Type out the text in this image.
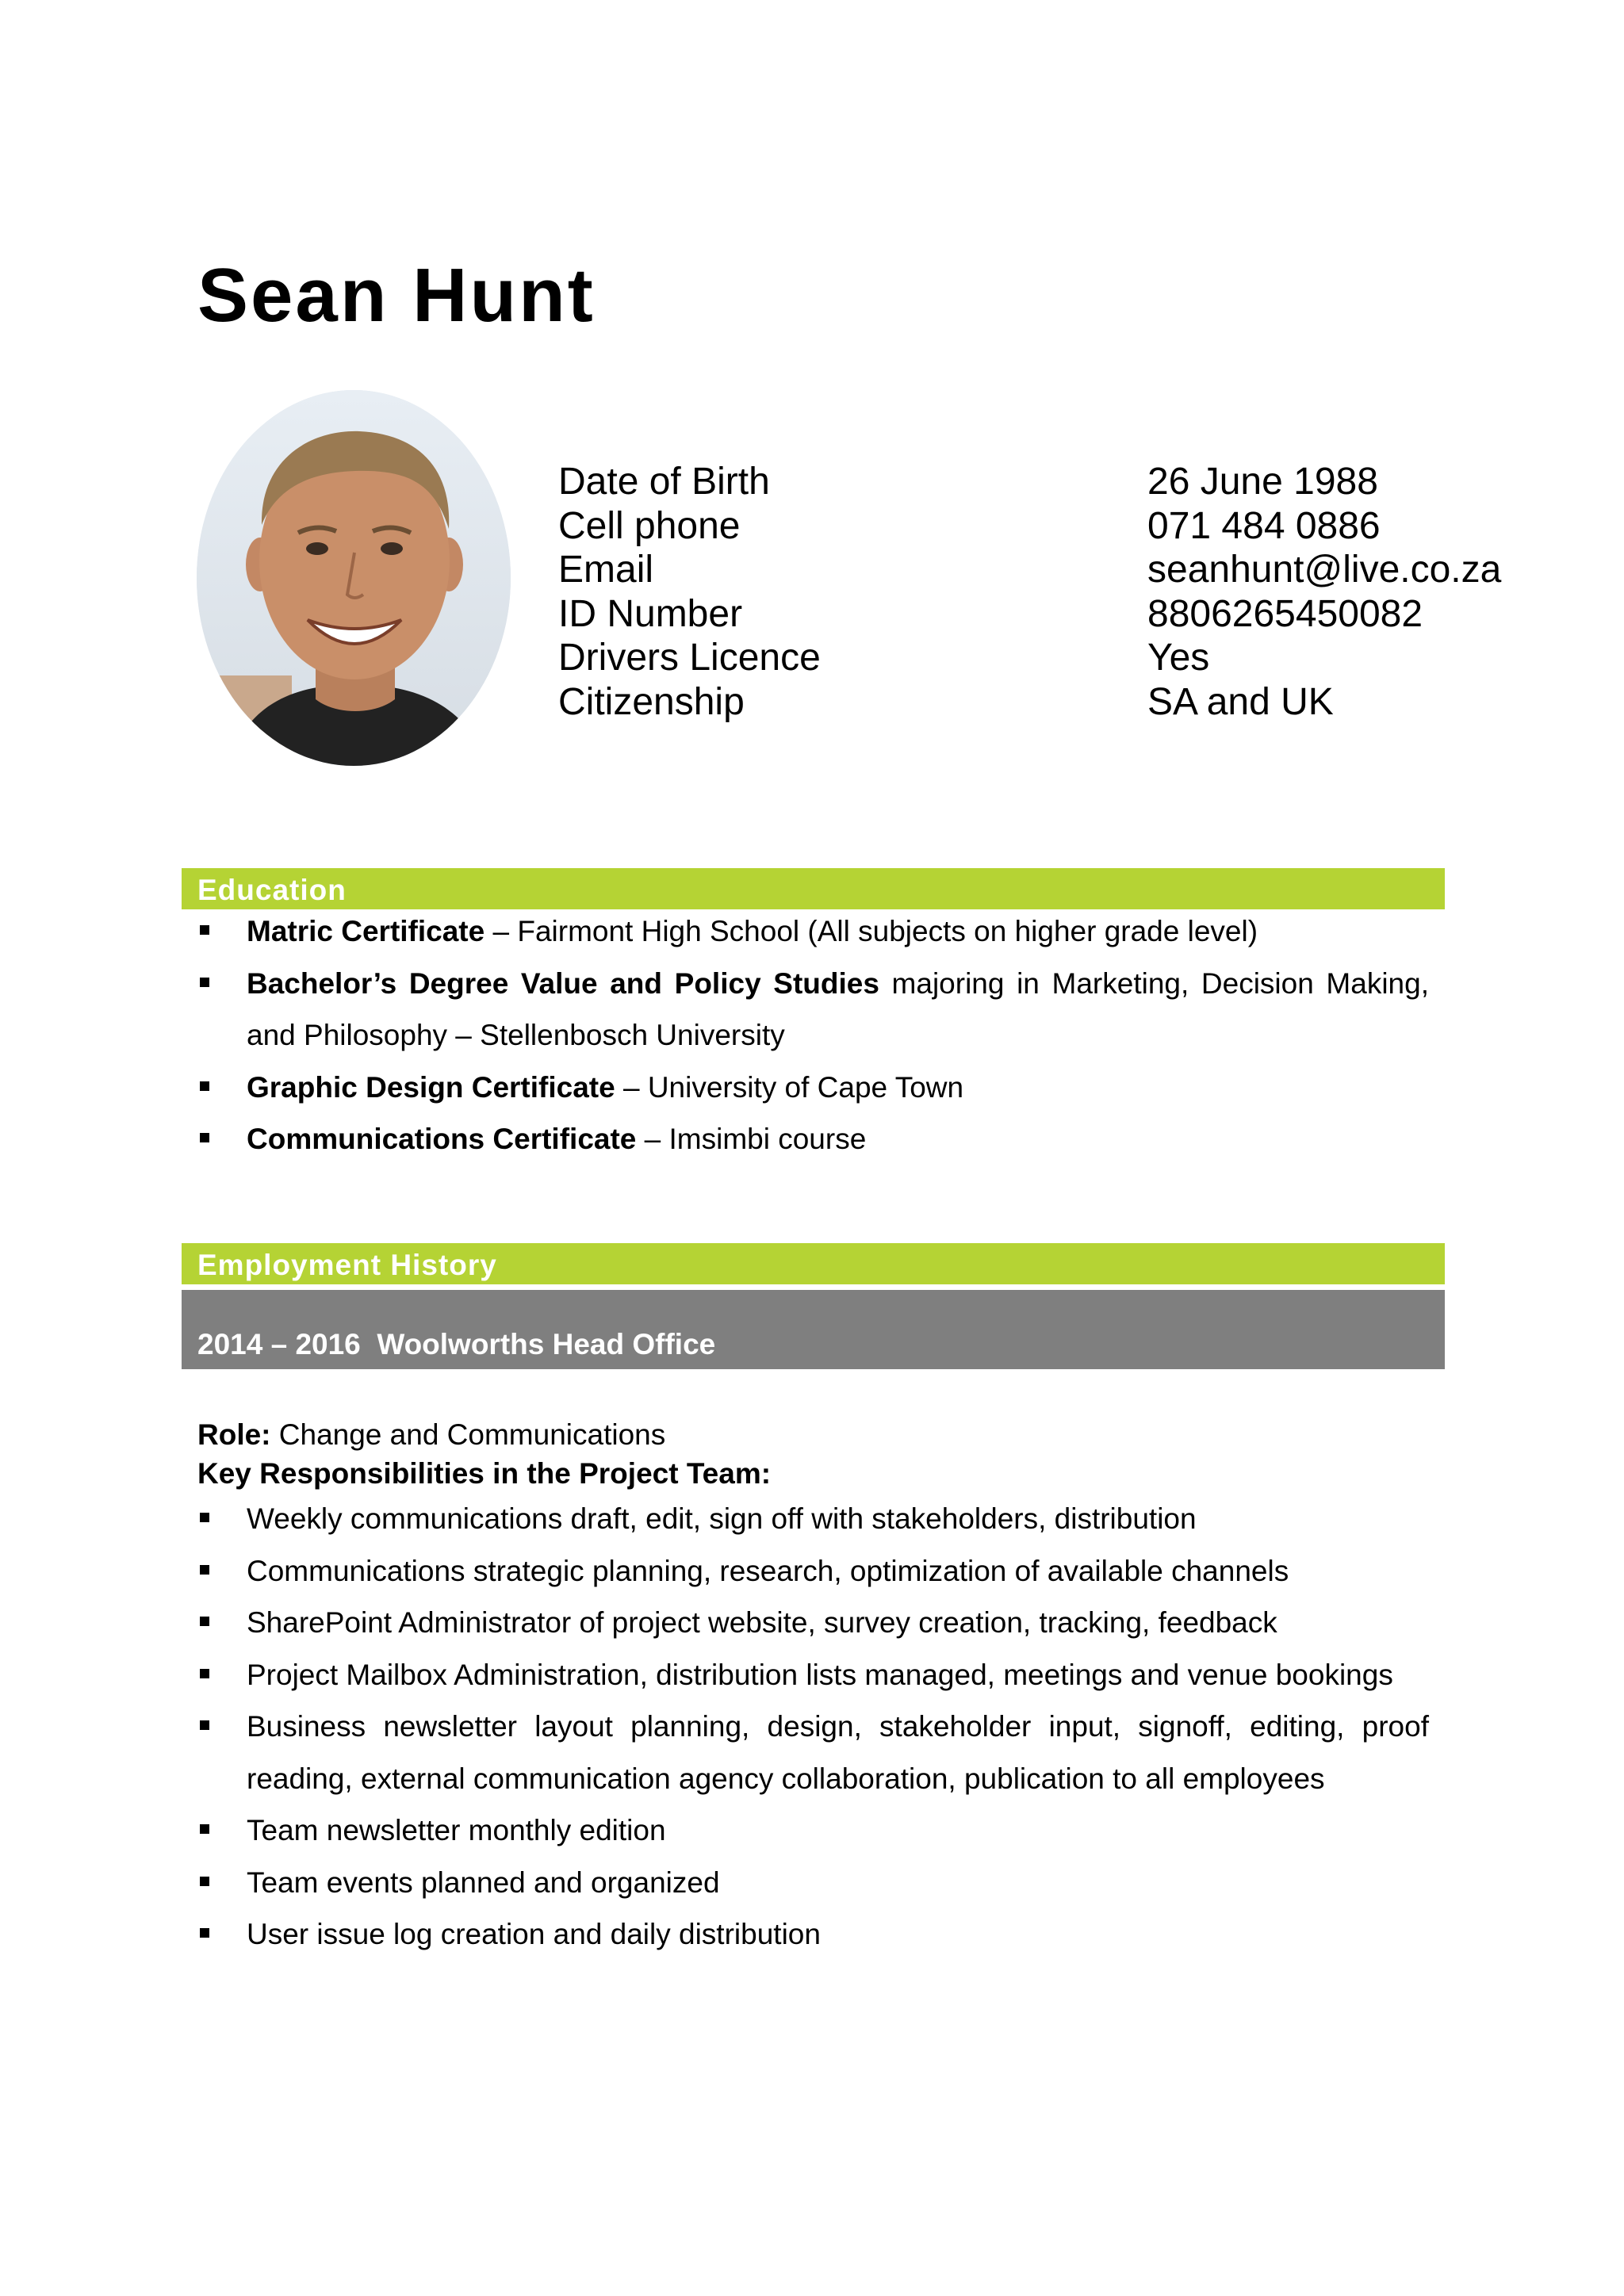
Sean Hunt
Date of Birth	26 June 1988
Cell phone	071 484 0886
Email	seanhunt@live.co.za
ID Number	8806265450082
Drivers Licence	Yes
Citizenship	SA and UK
Education
Matric Certificate – Fairmont High School (All subjects on higher grade level)
Bachelor’s Degree Value and Policy Studies majoring in Marketing, Decision Making, and Philosophy – Stellenbosch University
Graphic Design Certificate – University of Cape Town
Communications Certificate – Imsimbi course
Employment History
2014 – 2016  Woolworths Head Office
Role: Change and Communications
Key Responsibilities in the Project Team:
Weekly communications draft, edit, sign off with stakeholders, distribution
Communications strategic planning, research, optimization of available channels
SharePoint Administrator of project website, survey creation, tracking, feedback
Project Mailbox Administration, distribution lists managed, meetings and venue bookings
Business newsletter layout planning, design, stakeholder input, signoff, editing, proof reading, external communication agency collaboration, publication to all employees
Team newsletter monthly edition
Team events planned and organized
User issue log creation and daily distribution
